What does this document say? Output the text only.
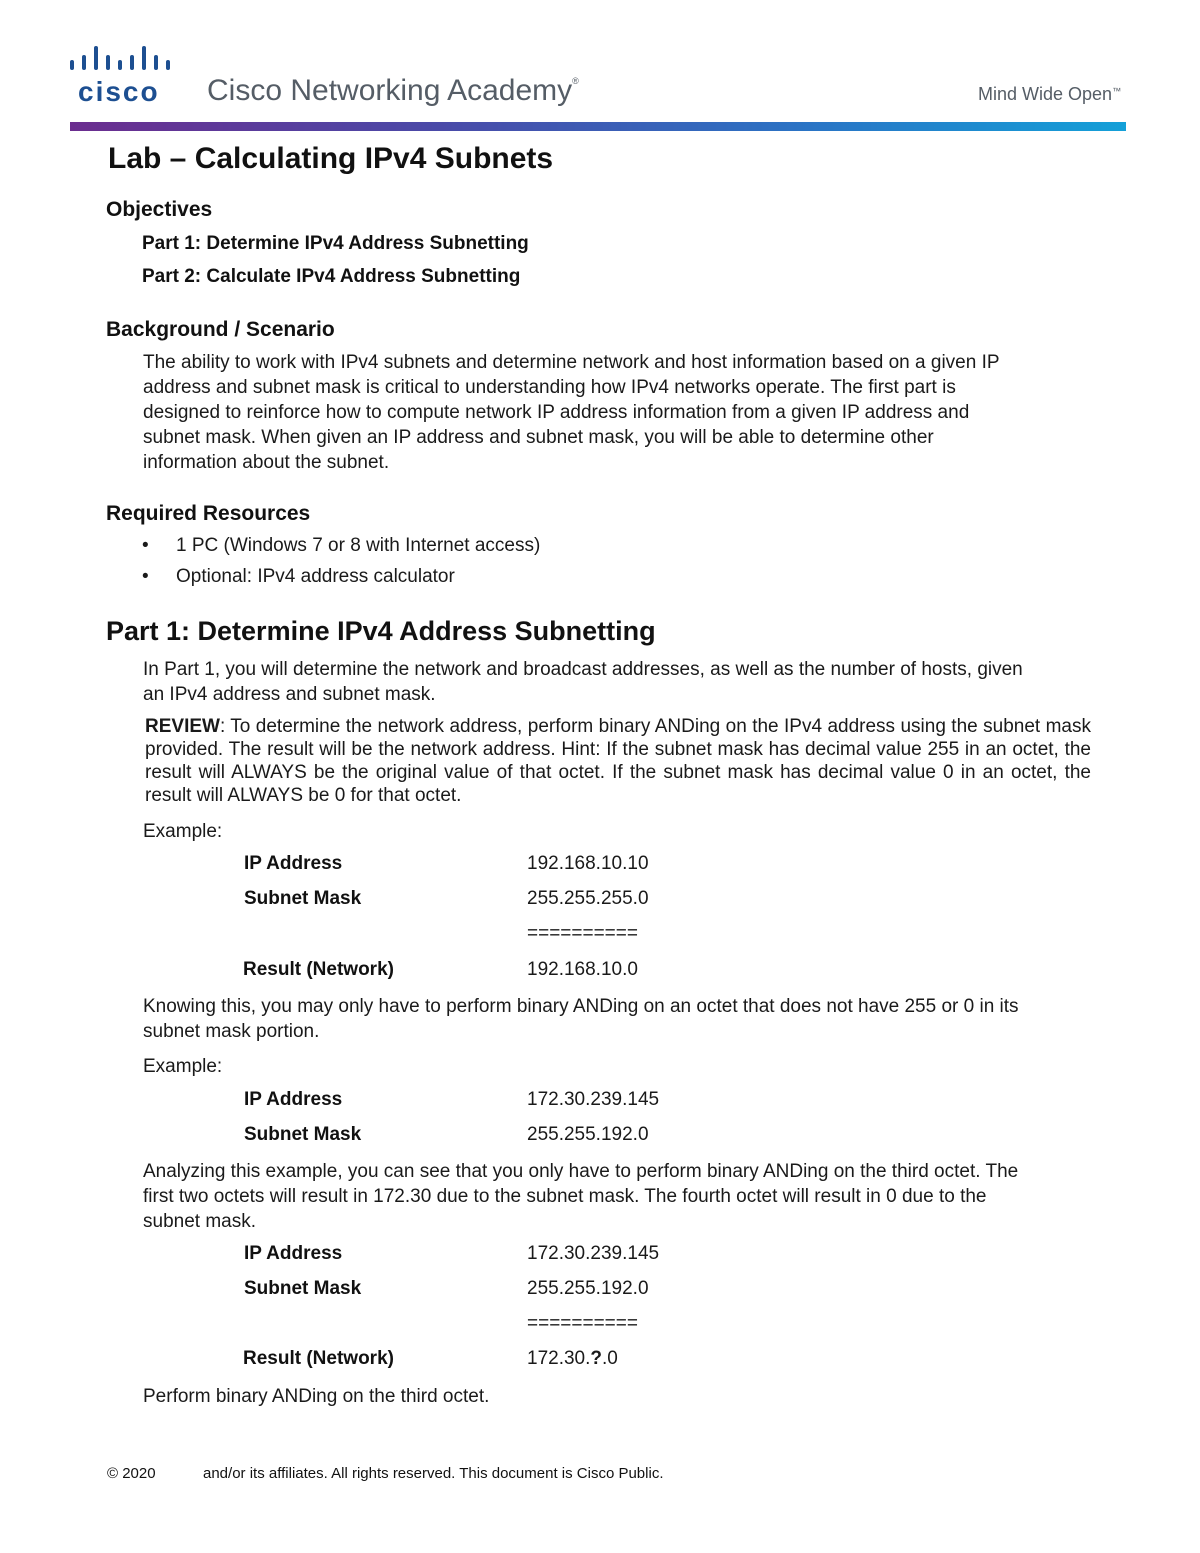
cisco Cisco Networking Academy®
Mind Wide Open™
Lab – Calculating IPv4 Subnets
Objectives
Part 1: Determine IPv4 Address Subnetting
Part 2: Calculate IPv4 Address Subnetting
Background / Scenario
The ability to work with IPv4 subnets and determine network and host information based on a given IP
address and subnet mask is critical to understanding how IPv4 networks operate. The first part is
designed to reinforce how to compute network IP address information from a given IP address and
subnet mask. When given an IP address and subnet mask, you will be able to determine other
information about the subnet.
Required Resources
• 1 PC (Windows 7 or 8 with Internet access)
• Optional: IPv4 address calculator
Part 1: Determine IPv4 Address Subnetting
In Part 1, you will determine the network and broadcast addresses, as well as the number of hosts, given
an IPv4 address and subnet mask.

REVIEW: To determine the network address, perform binary ANDing on the IPv4 address using the subnet mask provided. The result will be the network address. Hint: If the subnet mask has decimal value 255 in an octet, the result will ALWAYS be the original value of that octet. If the subnet mask has decimal value 0 in an octet, the result will ALWAYS be 0 for that octet.

Example:
IP Address	192.168.10.10
Subnet Mask	255.255.255.0
==========
Result (Network)	192.168.10.0
Knowing this, you may only have to perform binary ANDing on an octet that does not have 255 or 0 in its
subnet mask portion.
Example:
IP Address	172.30.239.145
Subnet Mask	255.255.192.0
Analyzing this example, you can see that you only have to perform binary ANDing on the third octet. The
first two octets will result in 172.30 due to the subnet mask. The fourth octet will result in 0 due to the
subnet mask.
IP Address	172.30.239.145
Subnet Mask	255.255.192.0
==========
Result (Network)	172.30.?.0
Perform binary ANDing on the third octet.
© 2020	and/or its affiliates. All rights reserved. This document is Cisco Public.
